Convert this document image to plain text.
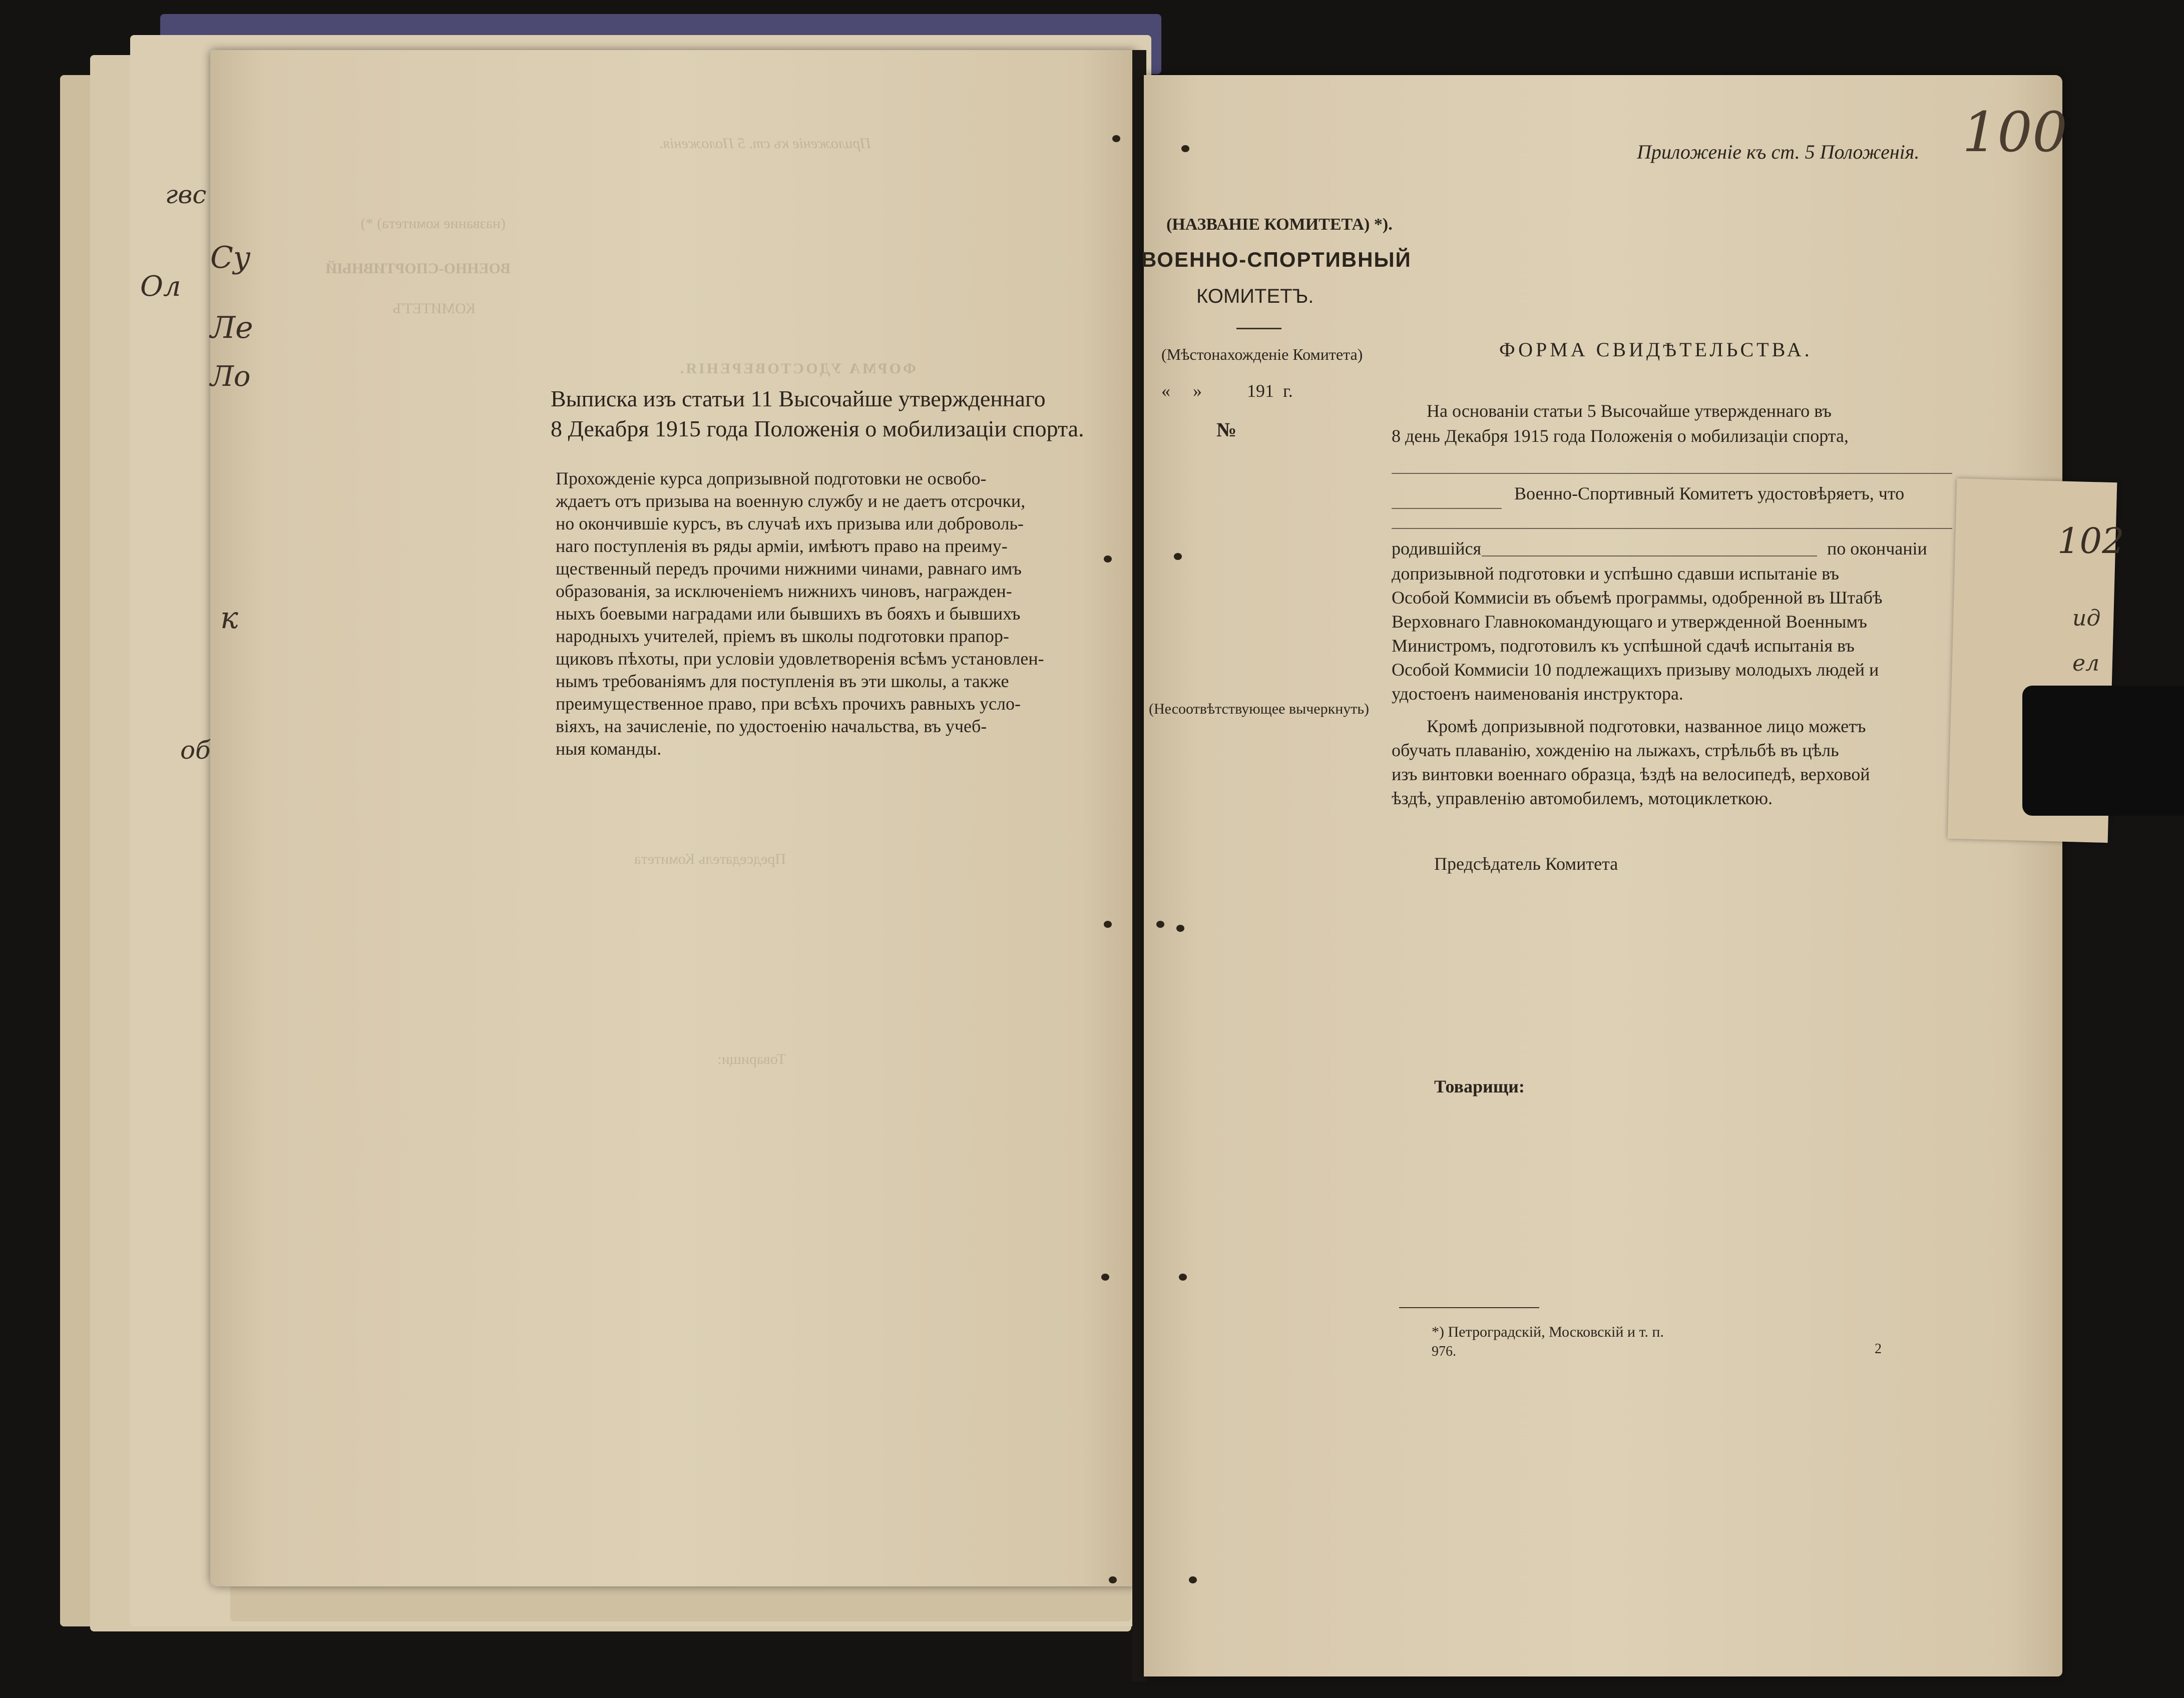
Приложеніе къ ст. 5 Положенія.
(название комитета) *)
ВОЕННО-СПОРТИВНЫЙ
КОМИТЕТЪ
ФОРМА УДОСТОВЕРЕНІЯ.
Председатель Комитета
Товарищи:
Выписка изъ статьи 11 Высочайше утвержденнаго
8 Декабря 1915 года Положенія о мобилизаціи спорта.
Прохожденіе курса допризывной подготовки не освобо-
ждаетъ отъ призыва на военную службу и не даетъ отсрочки,
но окончившіе курсъ, въ случаѣ ихъ призыва или доброволь-
наго поступленія въ ряды арміи, имѣютъ право на преиму-
щественный передъ прочими нижними чинами, равнаго имъ
образованія, за исключеніемъ нижнихъ чиновъ, награжден-
ныхъ боевыми наградами или бывшихъ въ бояхъ и бывшихъ
народныхъ учителей, пріемъ въ школы подготовки прапор-
щиковъ пѣхоты, при условіи удовлетворенія всѣмъ установлен-
нымъ требованіямъ для поступленія въ эти школы, а также
преимущественное право, при всѣхъ прочихъ равныхъ усло-
віяхъ, на зачисленіе, по удостоенію начальства, въ учеб-
ныя команды.
гвс
Ол
Су
Ле
Ло
об
к
102
ид
ел
Приложеніе къ ст. 5 Положенія. 100
(НАЗВАНІЕ КОМИТЕТА) *).
ВОЕННО-СПОРТИВНЫЙ
КОМИТЕТЪ.
(Мѣстонахожденіе Комитета)
«     »          191  г.
№
ФОРМА СВИДѢТЕЛЬСТВА.
На основаніи статьи 5 Высочайше утвержденнаго въ
8 день Декабря 1915 года Положенія о мобилизаціи спорта,
Военно-Спортивный Комитетъ удостовѣряетъ, что
родившійся	по окончаніи
допризывной подготовки и успѣшно сдавши испытаніе въ
Особой Коммисіи въ объемѣ программы, одобренной въ Штабѣ
Верховнаго Главнокомандующаго и утвержденной Военнымъ
Министромъ, подготовилъ къ успѣшной сдачѣ испытанія въ
Особой Коммисіи 10 подлежащихъ призыву молодыхъ людей и
удостоенъ наименованія инструктора.
(Несоотвѣтствующее вычеркнуть)
Кромѣ допризывной подготовки, названное лицо можетъ
обучать плаванію, хожденію на лыжахъ, стрѣльбѣ въ цѣль
изъ винтовки военнаго образца, ѣздѣ на велосипедѣ, верховой
ѣздѣ, управленію автомобилемъ, мотоциклеткою.
Предсѣдатель Комитета
Товарищи:
*) Петроградскій, Московскій и т. п.
976.	2
